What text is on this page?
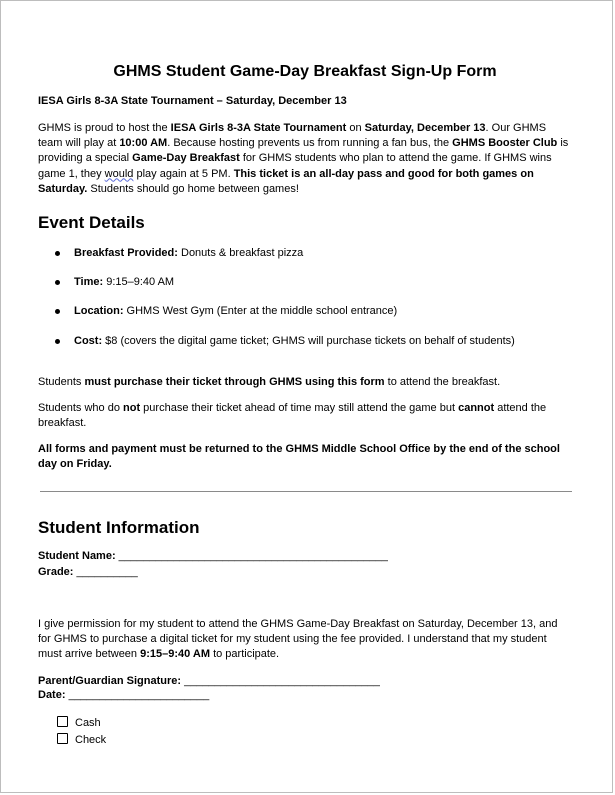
GHMS Student Game-Day Breakfast Sign-Up Form

IESA Girls 8-3A State Tournament – Saturday, December 13

GHMS is proud to host the IESA Girls 8-3A State Tournament on Saturday, December 13. Our GHMS team will play at 10:00 AM. Because hosting prevents us from running a fan bus, the GHMS Booster Club is providing a special Game-Day Breakfast for GHMS students who plan to attend the game. If GHMS wins game 1, they would play again at 5 PM. This ticket is an all-day pass and good for both games on Saturday. Students should go home between games!

Event Details
Breakfast Provided: Donuts & breakfast pizza
Time: 9:15–9:40 AM
Location: GHMS West Gym (Enter at the middle school entrance)
Cost: $8 (covers the digital game ticket; GHMS will purchase tickets on behalf of students)

Students must purchase their ticket through GHMS using this form to attend the breakfast.

Students who do not purchase their ticket ahead of time may still attend the game but cannot attend the breakfast.

All forms and payment must be returned to the GHMS Middle School Office by the end of the school day on Friday.

Student Information
Student Name: ____________________________________________
Grade: __________

I give permission for my student to attend the GHMS Game-Day Breakfast on Saturday, December 13, and for GHMS to purchase a digital ticket for my student using the fee provided. I understand that my student must arrive between 9:15–9:40 AM to participate.

Parent/Guardian Signature: ________________________________
Date: _______________________
Cash
Check
